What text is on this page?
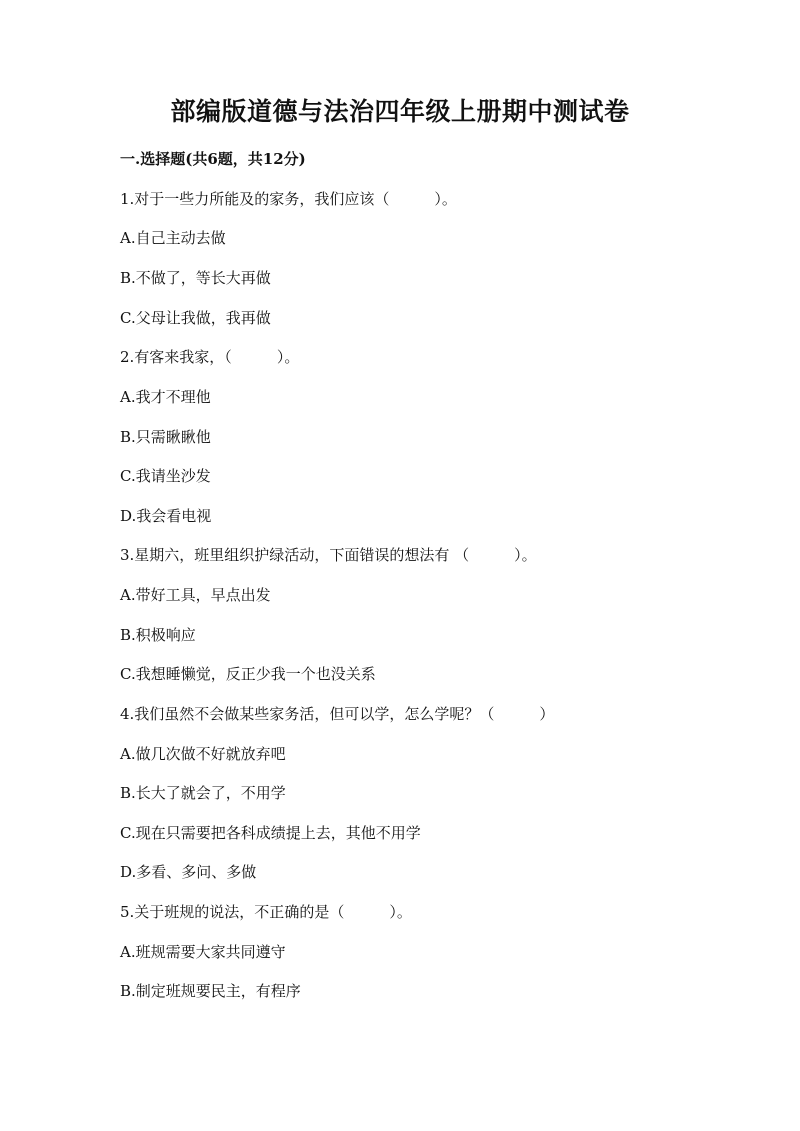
部编版道德与法治四年级上册期中测试卷
一.选择题(共6题，共12分)
1.对于一些力所能及的家务，我们应该（　　　）。
A.自己主动去做
B.不做了，等长大再做
C.父母让我做，我再做
2.有客来我家，（　　　）。
A.我才不理他
B.只需瞅瞅他
C.我请坐沙发
D.我会看电视
3.星期六，班里组织护绿活动，下面错误的想法有 （　　　）。
A.带好工具，早点出发
B.积极响应
C.我想睡懒觉，反正少我一个也没关系
4.我们虽然不会做某些家务活，但可以学，怎么学呢？（　　　）
A.做几次做不好就放弃吧
B.长大了就会了，不用学
C.现在只需要把各科成绩提上去，其他不用学
D.多看、多问、多做
5.关于班规的说法，不正确的是（　　　）。
A.班规需要大家共同遵守
B.制定班规要民主，有程序
